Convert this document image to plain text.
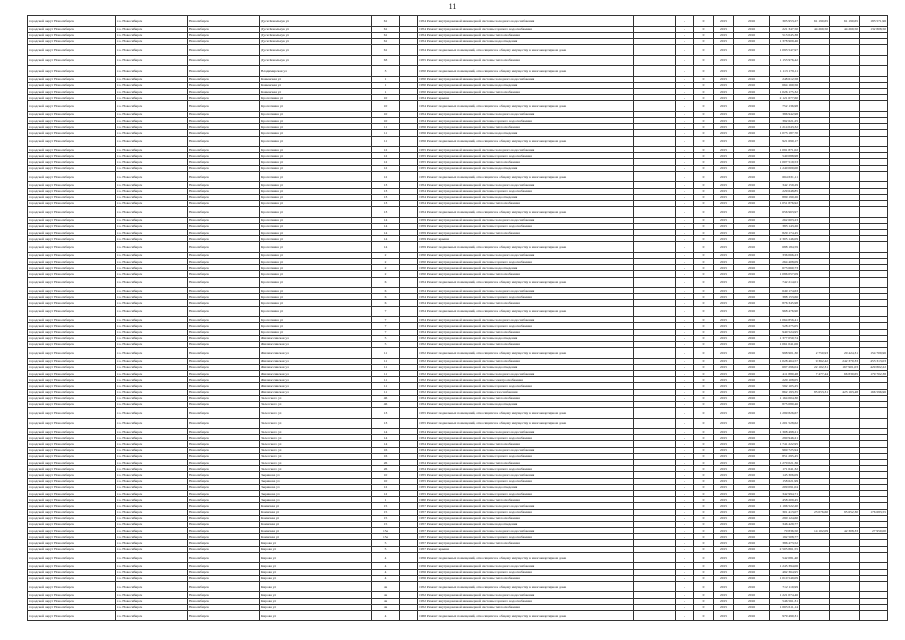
11
городской округ Новосибирск	г.о. Новосибирск	Новосибирск	Дуси Ковальчук ул	61		1954 Ремонт внутридомовой инженерной системы холодного водоснабжения		-	0	2015	2016	305 953,27	61 190,65	61 190,65	183 571,96
городской округ Новосибирск	г.о. Новосибирск	Новосибирск	Дуси Ковальчук ул	61		1954 Ремонт внутридомовой инженерной системы горячего водоснабжения		-	0	2015	2016	221 347,50	44 269,50	44 269,50	132 808,50
городской округ Новосибирск	г.о. Новосибирск	Новосибирск	Дуси Ковальчук ул	61		1954 Ремонт внутридомовой инженерной системы теплоснабжения		-	0	2015	2016	513 045,38			
городской округ Новосибирск	г.о. Новосибирск	Новосибирск	Дуси Ковальчук ул	61		1954 Ремонт внутридомовой инженерной системы водоотведения		-	0	2015	2016	1 378 909,46			
городской округ Новосибирск	г.о. Новосибирск	Новосибирск	Дуси Ковальчук ул	61		1954 Ремонт подвальных помещений, относящихся к общему имуществу в многоквартирном доме		-	0	2015	2016	1 093 547,97			
городской округ Новосибирск	г.о. Новосибирск	Новосибирск	Дуси Ковальчук ул	63		1955 Ремонт внутридомовой инженерной системы теплоснабжения		-	0	2015	2016	1 153 976,42			
городской округ Новосибирск	г.о. Новосибирск	Новосибирск	Владимирская ул	3		1950 Ремонт подвальных помещений, относящихся к общему имуществу в многоквартирном доме		-	0	2015	2016	1 113 179,11			
городской округ Новосибирск	г.о. Новосибирск	Новосибирск	Каменская ул	1		1950 Ремонт внутридомовой инженерной системы холодного водоснабжения		-	0	2015	2016	248 612,58			
городской округ Новосибирск	г.о. Новосибирск	Новосибирск	Каменская ул	1		1950 Ремонт внутридомовой инженерной системы водоотведения		-	0	2015	2016	664 160,56			
городской округ Новосибирск	г.о. Новосибирск	Новосибирск	Каменская ул	1		1950 Ремонт внутридомовой инженерной системы теплоснабжения		-	0	2015	2016	1 026 175,32			
городской округ Новосибирск	г.о. Новосибирск	Новосибирск	Кропоткина ул	10		1954 Ремонт крыши		-	0	2015	2016	2 121 677,60			
городской округ Новосибирск	г.о. Новосибирск	Новосибирск	Кропоткина ул	10		1954 Ремонт подвальных помещений, относящихся к общему имуществу в многоквартирном доме		-	0	2015	2016	752 136,98			
городской округ Новосибирск	г.о. Новосибирск	Новосибирск	Кропоткина ул	10		1954 Ремонт внутридомовой инженерной системы холодного водоснабжения		-	0	2015	2016	386 942,98			
городской округ Новосибирск	г.о. Новосибирск	Новосибирск	Кропоткина ул	10		1954 Ремонт внутридомовой инженерной системы горячего водоснабжения		-	0	2015	2016	392 621,25			
городской округ Новосибирск	г.о. Новосибирск	Новосибирск	Кропоткина ул	11		1956 Ремонт внутридомовой инженерной системы теплоснабжения		-	0	2015	2016	1 214 043,32			
городской округ Новосибирск	г.о. Новосибирск	Новосибирск	Кропоткина ул	11		1956 Ремонт внутридомовой инженерной системы водоотведения		-	0	2015	2016	1 073 187,70			
городской округ Новосибирск	г.о. Новосибирск	Новосибирск	Кропоткина ул	11		1956 Ремонт подвальных помещений, относящихся к общему имуществу в многоквартирном доме		-	0	2015	2016	921 690,17			
городской округ Новосибирск	г.о. Новосибирск	Новосибирск	Кропоткина ул	12		1955 Ремонт внутридомовой инженерной системы холодного водоснабжения		-	0	2015	2016	1 091 871,02			
городской округ Новосибирск	г.о. Новосибирск	Новосибирск	Кропоткина ул	12		1955 Ремонт внутридомовой инженерной системы горячего водоснабжения		-	0	2015	2016	540 088,98			
городской округ Новосибирск	г.о. Новосибирск	Новосибирск	Кропоткина ул	12		1955 Ремонт внутридомовой инженерной системы теплоснабжения		-	0	2015	2016	1 007 519,53			
городской округ Новосибирск	г.о. Новосибирск	Новосибирск	Кропоткина ул	12		1955 Ремонт внутридомовой инженерной системы водоотведения		-	0	2015	2016	1 240 000,00			
городской округ Новосибирск	г.о. Новосибирск	Новосибирск	Кропоткина ул	12		1955 Ремонт подвальных помещений, относящихся к общему имуществу в многоквартирном доме		-	0	2015	2016	664 631,11			
городской округ Новосибирск	г.о. Новосибирск	Новосибирск	Кропоткина ул	13		1954 Ремонт внутридомовой инженерной системы холодного водоснабжения		-	0	2015	2016	342 159,29			
городской округ Новосибирск	г.о. Новосибирск	Новосибирск	Кропоткина ул	13		1954 Ремонт внутридомовой инженерной системы горячего водоснабжения		-	0	2015	2016	229 648,85			
городской округ Новосибирск	г.о. Новосибирск	Новосибирск	Кропоткина ул	13		1954 Ремонт внутридомовой инженерной системы водоотведения		-	0	2015	2016	899 190,26			
городской округ Новосибирск	г.о. Новосибирск	Новосибирск	Кропоткина ул	13		1954 Ремонт внутридомовой инженерной системы теплоснабжения		-	0	2015	2016	1 051 876,92			
городской округ Новосибирск	г.о. Новосибирск	Новосибирск	Кропоткина ул	13		1954 Ремонт подвальных помещений, относящихся к общему имуществу в многоквартирном доме		-	0	2015	2016	656 963,97			
городской округ Новосибирск	г.о. Новосибирск	Новосибирск	Кропоткина ул	14		1959 Ремонт внутридомовой инженерной системы холодного водоснабжения		-	0	2015	2016	262 603,23			
городской округ Новосибирск	г.о. Новосибирск	Новосибирск	Кропоткина ул	14		1959 Ремонт внутридомовой инженерной системы горячего водоснабжения		-	0	2015	2016	383 143,26			
городской округ Новосибирск	г.о. Новосибирск	Новосибирск	Кропоткина ул	14		1959 Ремонт внутридомовой инженерной системы теплоснабжения		-	0	2015	2016	829 174,45			
городской округ Новосибирск	г.о. Новосибирск	Новосибирск	Кропоткина ул	14		1959 Ремонт крыши		-	0	2015	2016	2 305 146,09			
городской округ Новосибирск	г.о. Новосибирск	Новосибирск	Кропоткина ул	14		1959 Ремонт подвальных помещений, относящихся к общему имуществу в многоквартирном доме		-	0	2015	2016	688 184,59			
городской округ Новосибирск	г.о. Новосибирск	Новосибирск	Кропоткина ул	2		1950 Ремонт внутридомовой инженерной системы холодного водоснабжения		-	0	2015	2016	336 066,23			
городской округ Новосибирск	г.о. Новосибирск	Новосибирск	Кропоткина ул	2		1950 Ремонт внутридомовой инженерной системы горячего водоснабжения		-	0	2015	2016	264 408,09			
городской округ Новосибирск	г.о. Новосибирск	Новосибирск	Кропоткина ул	2		1950 Ремонт внутридомовой инженерной системы водоотведения		-	0	2015	2016	673 660,73			
городской округ Новосибирск	г.о. Новосибирск	Новосибирск	Кропоткина ул	2		1950 Ремонт внутридомовой инженерной системы теплоснабжения		-	0	2015	2016	1 086 057,09			
городской округ Новосибирск	г.о. Новосибирск	Новосибирск	Кропоткина ул	6		1954 Ремонт подвальных помещений, относящихся к общему имуществу в многоквартирном доме		-	0	2015	2016	742 214,01			
городской округ Новосибирск	г.о. Новосибирск	Новосибирск	Кропоткина ул	6		1954 Ремонт внутридомовой инженерной системы холодного водоснабжения		-	0	2015	2016	649 174,63			
городской округ Новосибирск	г.о. Новосибирск	Новосибирск	Кропоткина ул	6		1954 Ремонт внутридомовой инженерной системы горячего водоснабжения		-	0	2015	2016	388 153,66			
городской округ Новосибирск	г.о. Новосибирск	Новосибирск	Кропоткина ул	6		1954 Ремонт внутридомовой инженерной системы теплоснабжения		-	0	2015	2016	876 345,98			
городской округ Новосибирск	г.о. Новосибирск	Новосибирск	Кропоткина ул	7		1954 Ремонт подвальных помещений, относящихся к общему имуществу в многоквартирном доме		-	0	2015	2016	968 476,90			
городской округ Новосибирск	г.о. Новосибирск	Новосибирск	Кропоткина ул	7		1954 Ремонт внутридомовой инженерной системы холодного водоснабжения		-	0	2015	2016	1 064 856,41			
городской округ Новосибирск	г.о. Новосибирск	Новосибирск	Кропоткина ул	7		1954 Ремонт внутридомовой инженерной системы горячего водоснабжения		-	0	2015	2016	528 275,05			
городской округ Новосибирск	г.о. Новосибирск	Новосибирск	Кропоткина ул	7		1954 Ремонт внутридомовой инженерной системы теплоснабжения		-	0	2015	2016	940 524,95			
городской округ Новосибирск	г.о. Новосибирск	Новосибирск	Жилмассивская ул	5		1952 Ремонт внутридомовой инженерной системы водоотведения		-	0	2015	2016	1 377 050,74			
городской округ Новосибирск	г.о. Новосибирск	Новосибирск	Жилмассивская ул	5		1952 Ремонт внутридомовой инженерной системы теплоснабжения		-	0	2015	2016	1 061 041,06			
городской округ Новосибирск	г.о. Новосибирск	Новосибирск	Жилмассивская ул	11		1952 Ремонт подвальных помещений, относящихся к общему имуществу в многоквартирном доме		-	0	2015	2016	998 901,30	2 750,93	20 424,31	154 709,96
городской округ Новосибирск	г.о. Новосибирск	Новосибирск	Жилмассивская ул	11		1952 Ремонт внутридомовой инженерной системы теплоснабжения		-	0	2015	2016	1 028 464,57	9 362,42	242 370,33	453 313,03
городской округ Новосибирск	г.о. Новосибирск	Новосибирск	Жилмассивская ул	11		1952 Ремонт внутридомовой инженерной системы водоотведения		-	0	2015	2016	697 296,04	22 102,31	167 901,03	429 802,22
городской округ Новосибирск	г.о. Новосибирск	Новосибирск	Жилмассивская ул	11		1952 Ремонт внутридомовой инженерной системы холодного водоснабжения		-	0	2015	2016	411 880,48	7 477,44	66 830,65	179 702,38
городской округ Новосибирск	г.о. Новосибирск	Новосибирск	Жилмассивская ул	11		1952 Ремонт внутридомовой инженерной системы электроснабжения		-	0	2015	2016	220 108,05			
городской округ Новосибирск	г.о. Новосибирск	Новосибирск	Жилмассивская ул	11		1952 Ремонт внутридомовой инженерной системы горячего водоснабжения		-	0	2015	2016	592 105,25			
городской округ Новосибирск	г.о. Новосибирск	Новосибирск	Жилмассивская ул	11		1952 Ремонт внутридомовой инженерной системы газоснабжения		-	0	2015	2016	862 193,35	85 653,31	423 163,48	166 596,96
городской округ Новосибирск	г.о. Новосибирск	Новосибирск	Залесского ул	46		1954 Ремонт внутридомовой инженерной системы теплоснабжения		-	0	2015	2016	1 164 004,30			
городской округ Новосибирск	г.о. Новосибирск	Новосибирск	Залесского ул	46		1954 Ремонт внутридомовой инженерной системы водоотведения		-	0	2015	2016	875 080,46			
городской округ Новосибирск	г.о. Новосибирск	Новосибирск	Залесского ул	13		1955 Ремонт подвальных помещений, относящихся к общему имуществу в многоквартирном доме		-	0	2015	2016	1 299 826,67			
городской округ Новосибирск	г.о. Новосибирск	Новосибирск	Залесского ул	13		1955 Ремонт подвальных помещений, относящихся к общему имуществу в многоквартирном доме		-	0	2015	2016	1 201 528,62			
городской округ Новосибирск	г.о. Новосибирск	Новосибирск	Залесского ул	14		1954 Ремонт внутридомовой инженерной системы холодного водоснабжения		-	0	2015	2016	1 308 498,21			
городской округ Новосибирск	г.о. Новосибирск	Новосибирск	Залесского ул	14		1954 Ремонт внутридомовой инженерной системы горячего водоснабжения		-	0	2015	2016	290 946,21			
городской округ Новосибирск	г.о. Новосибирск	Новосибирск	Залесского ул	14		1954 Ремонт внутридомовой инженерной системы теплоснабжения		-	0	2015	2016	1 741 222,95			
городской округ Новосибирск	г.о. Новосибирск	Новосибирск	Залесского ул	16		1954 Ремонт внутридомовой инженерной системы холодного водоснабжения		-	0	2015	2016	969 725,94			
городской округ Новосибирск	г.о. Новосибирск	Новосибирск	Залесского ул	16		1954 Ремонт внутридомовой инженерной системы горячего водоснабжения		-	0	2015	2016	851 295,45			
городской округ Новосибирск	г.о. Новосибирск	Новосибирск	Залесского ул	26		1954 Ремонт внутридомовой инженерной системы теплоснабжения		-	0	2015	2016	1 270 021,36			
городской округ Новосибирск	г.о. Новосибирск	Новосибирск	Залесского ул	26		1954 Ремонт внутридомовой инженерной системы горячего водоснабжения		-	0	2015	2016	171 641,32			
городской округ Новосибирск	г.о. Новосибирск	Новосибирск	Зырянова ул	10		1955 Ремонт внутридомовой инженерной системы холодного водоснабжения		-	0	2015	2016	145 306,09			
городской округ Новосибирск	г.о. Новосибирск	Новосибирск	Зырянова ул	10		1955 Ремонт внутридомовой инженерной системы горячего водоснабжения		-	0	2015	2016	158 621,99			
городской округ Новосибирск	г.о. Новосибирск	Новосибирск	Зырянова ул	12		1955 Ремонт внутридомовой инженерной системы водоотведения		-	0	2015	2016	209 091,04			
городской округ Новосибирск	г.о. Новосибирск	Новосибирск	Зырянова ул	12		1955 Ремонт внутридомовой инженерной системы горячего водоснабжения		-	0	2015	2016	342 994,71			
городской округ Новосибирск	г.о. Новосибирск	Новосибирск	Зырянова ул	1		1960 Ремонт внутридомовой инженерной системы теплоснабжения		-	0	2015	2016	458 209,45			
городской округ Новосибирск	г.о. Новосибирск	Новосибирск	Каинская ул	15		1957 Ремонт внутридомовой инженерной системы холодного водоснабжения		-	0	2015	2016	1 196 522,20			
городской округ Новосибирск	г.о. Новосибирск	Новосибирск	Каинская ул	15		1957 Ремонт внутридомовой инженерной системы горячего водоснабжения		-	0	2015	2016	301 413,07	23 076,60	95 652,30	176 683,55
городской округ Новосибирск	г.о. Новосибирск	Новосибирск	Каинская ул	15		1957 Ремонт внутридомовой инженерной системы теплоснабжения		-	0	2015	2016	290 124,60			
городской округ Новосибирск	г.о. Новосибирск	Новосибирск	Каинская ул	15		1957 Ремонт внутридомовой инженерной системы водоотведения		-	0	2015	2016	346 429,77			
городской округ Новосибирск	г.о. Новосибирск	Новосибирск	Каинская ул	15а		1957 Ремонт внутридомовой инженерной системы холодного водоснабжения		-	0	2015	2016	70 836,50	14 102,09	42 308,33	27 950,00
городской округ Новосибирск	г.о. Новосибирск	Новосибирск	Каинская ул	15а		1957 Ремонт внутридомовой инженерной системы горячего водоснабжения		-	0	2015	2016	192 508,77			
городской округ Новосибирск	г.о. Новосибирск	Новосибирск	Кирова ул	5		1957 Ремонт внутридомовой инженерной системы теплоснабжения		-	0	2015	2016	386 473,52			
городской округ Новосибирск	г.о. Новосибирск	Новосибирск	Кирова ул	5		1957 Ремонт крыши		-	0	2015	2016	2 505 861,55			
городской округ Новосибирск	г.о. Новосибирск	Новосибирск	Кирова ул	4		1956 Ремонт подвальных помещений, относящихся к общему имуществу в многоквартирном доме		-	0	2015	2016	542 081,40			
городской округ Новосибирск	г.о. Новосибирск	Новосибирск	Кирова ул	4		1956 Ремонт внутридомовой инженерной системы холодного водоснабжения		-	0	2015	2016	1 245 394,06			
городской округ Новосибирск	г.о. Новосибирск	Новосибирск	Кирова ул	4		1956 Ремонт внутридомовой инженерной системы горячего водоснабжения		-	0	2015	2016	492 364,95			
городской округ Новосибирск	г.о. Новосибирск	Новосибирск	Кирова ул	4		1956 Ремонт внутридомовой инженерной системы теплоснабжения		-	0	2015	2016	1 010 549,09			
городской округ Новосибирск	г.о. Новосибирск	Новосибирск	Кирова ул	4а		1952 Ремонт подвальных помещений, относящихся к общему имуществу в многоквартирном доме		-	0	2015	2016	712 119,99			
городской округ Новосибирск	г.о. Новосибирск	Новосибирск	Кирова ул	4а		1952 Ремонт внутридомовой инженерной системы холодного водоснабжения		-	0	2015	2016	1 221 074,46			
городской округ Новосибирск	г.о. Новосибирск	Новосибирск	Кирова ул	4а		1952 Ремонт внутридомовой инженерной системы горячего водоснабжения		-	0	2015	2016	546 561,31			
городской округ Новосибирск	г.о. Новосибирск	Новосибирск	Кирова ул	4а		1952 Ремонт внутридомовой инженерной системы теплоснабжения		-	0	2015	2016	1 065 611,14			
городской округ Новосибирск	г.о. Новосибирск	Новосибирск	Кирова ул	4		1968 Ремонт подвальных помещений, относящихся к общему имуществу в многоквартирном доме		-	0	2015	2016	979 490,31			
